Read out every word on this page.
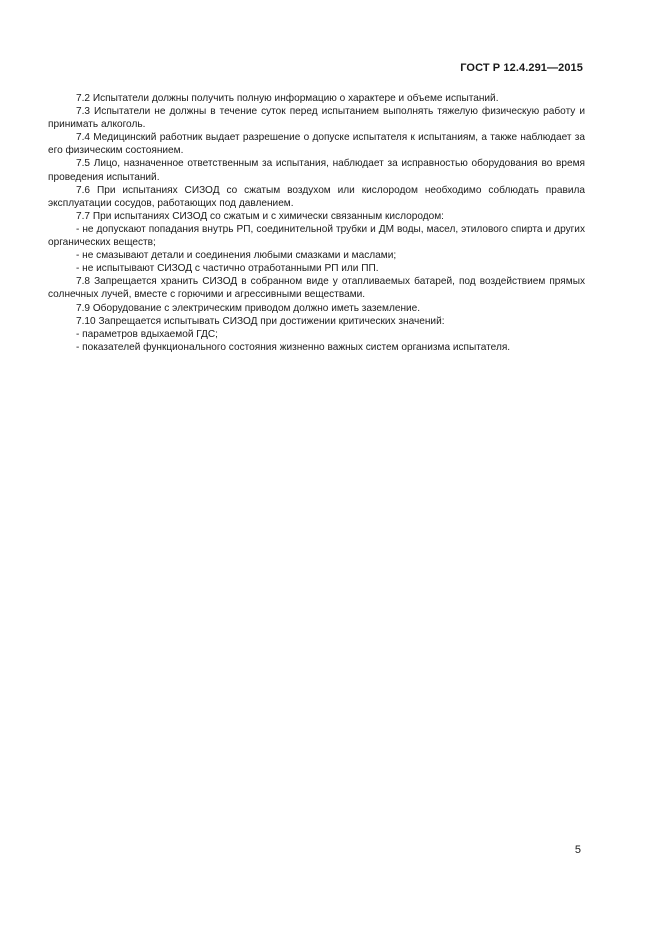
ГОСТ Р 12.4.291—2015

7.2 Испытатели должны получить полную информацию о характере и объеме испытаний.

7.3 Испытатели не должны в течение суток перед испытанием выполнять тяжелую физическую работу и принимать алкоголь.

7.4 Медицинский работник выдает разрешение о допуске испытателя к испытаниям, а также наблюдает за его физическим состоянием.

7.5 Лицо, назначенное ответственным за испытания, наблюдает за исправностью оборудования во время проведения испытаний.

7.6 При испытаниях СИЗОД со сжатым воздухом или кислородом необходимо соблюдать правила эксплуатации сосудов, работающих под давлением.

7.7 При испытаниях СИЗОД со сжатым и с химически связанным кислородом:

- не допускают попадания внутрь РП, соединительной трубки и ДМ воды, масел, этилового спирта и других органических веществ;

- не смазывают детали и соединения любыми смазками и маслами;

- не испытывают СИЗОД с частично отработанными РП или ПП.

7.8 Запрещается хранить СИЗОД в собранном виде у отапливаемых батарей, под воздействием прямых солнечных лучей, вместе с горючими и агрессивными веществами.

7.9 Оборудование с электрическим приводом должно иметь заземление.

7.10 Запрещается испытывать СИЗОД при достижении критических значений:

- параметров вдыхаемой ГДС;

- показателей функционального состояния жизненно важных систем организма испытателя.

5
